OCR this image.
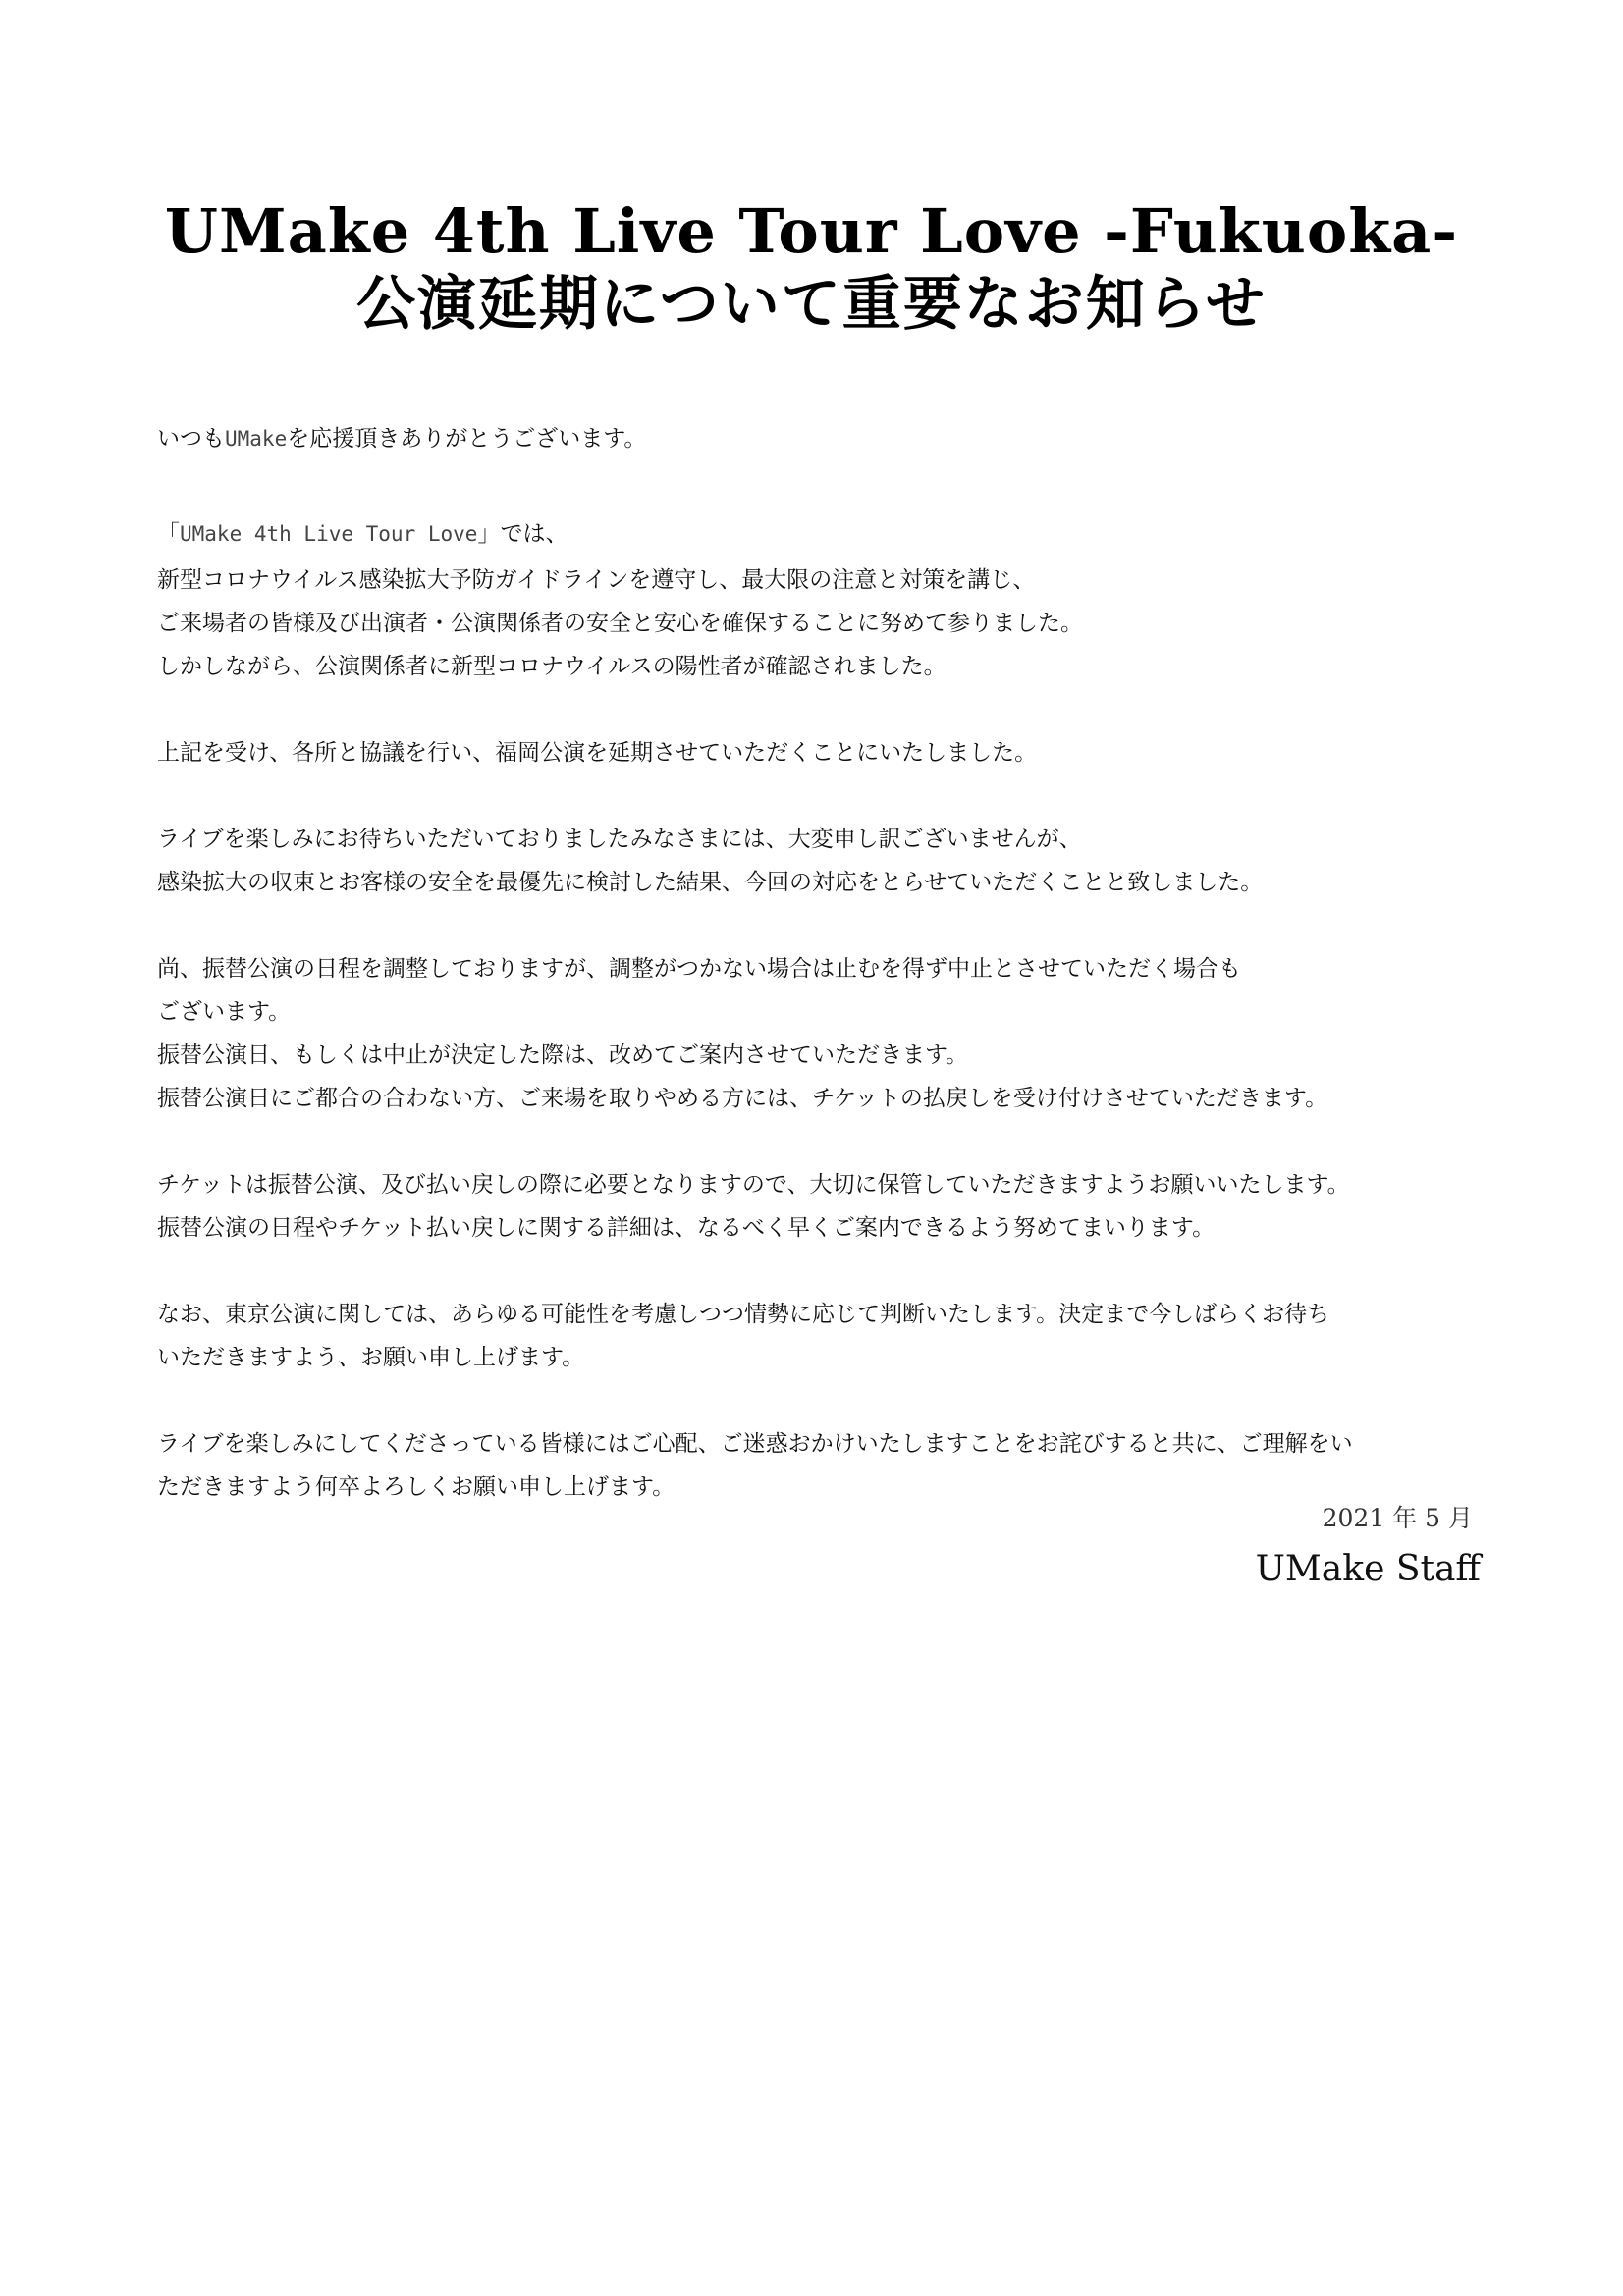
UMake 4th Live Tour Love -Fukuoka-
公演延期について重要なお知らせ
いつもUMakeを応援頂きありがとうございます。
「UMake 4th Live Tour Love」では、
新型コロナウイルス感染拡大予防ガイドラインを遵守し、最大限の注意と対策を講じ、
ご来場者の皆様及び出演者・公演関係者の安全と安心を確保することに努めて参りました。
しかしながら、公演関係者に新型コロナウイルスの陽性者が確認されました。
上記を受け、各所と協議を行い、福岡公演を延期させていただくことにいたしました。
ライブを楽しみにお待ちいただいておりましたみなさまには、大変申し訳ございませんが、
感染拡大の収束とお客様の安全を最優先に検討した結果、今回の対応をとらせていただくことと致しました。
尚、振替公演の日程を調整しておりますが、調整がつかない場合は止むを得ず中止とさせていただく場合も
ございます。
振替公演日、もしくは中止が決定した際は、改めてご案内させていただきます。
振替公演日にご都合の合わない方、ご来場を取りやめる方には、チケットの払戻しを受け付けさせていただきます。
チケットは振替公演、及び払い戻しの際に必要となりますので、大切に保管していただきますようお願いいたします。
振替公演の日程やチケット払い戻しに関する詳細は、なるべく早くご案内できるよう努めてまいります。
なお、東京公演に関しては、あらゆる可能性を考慮しつつ情勢に応じて判断いたします。決定まで今しばらくお待ち
いただきますよう、お願い申し上げます。
ライブを楽しみにしてくださっている皆様にはご心配、ご迷惑おかけいたしますことをお詫びすると共に、ご理解をい
ただきますよう何卒よろしくお願い申し上げます。
2021 年 5 月
UMake Staff
